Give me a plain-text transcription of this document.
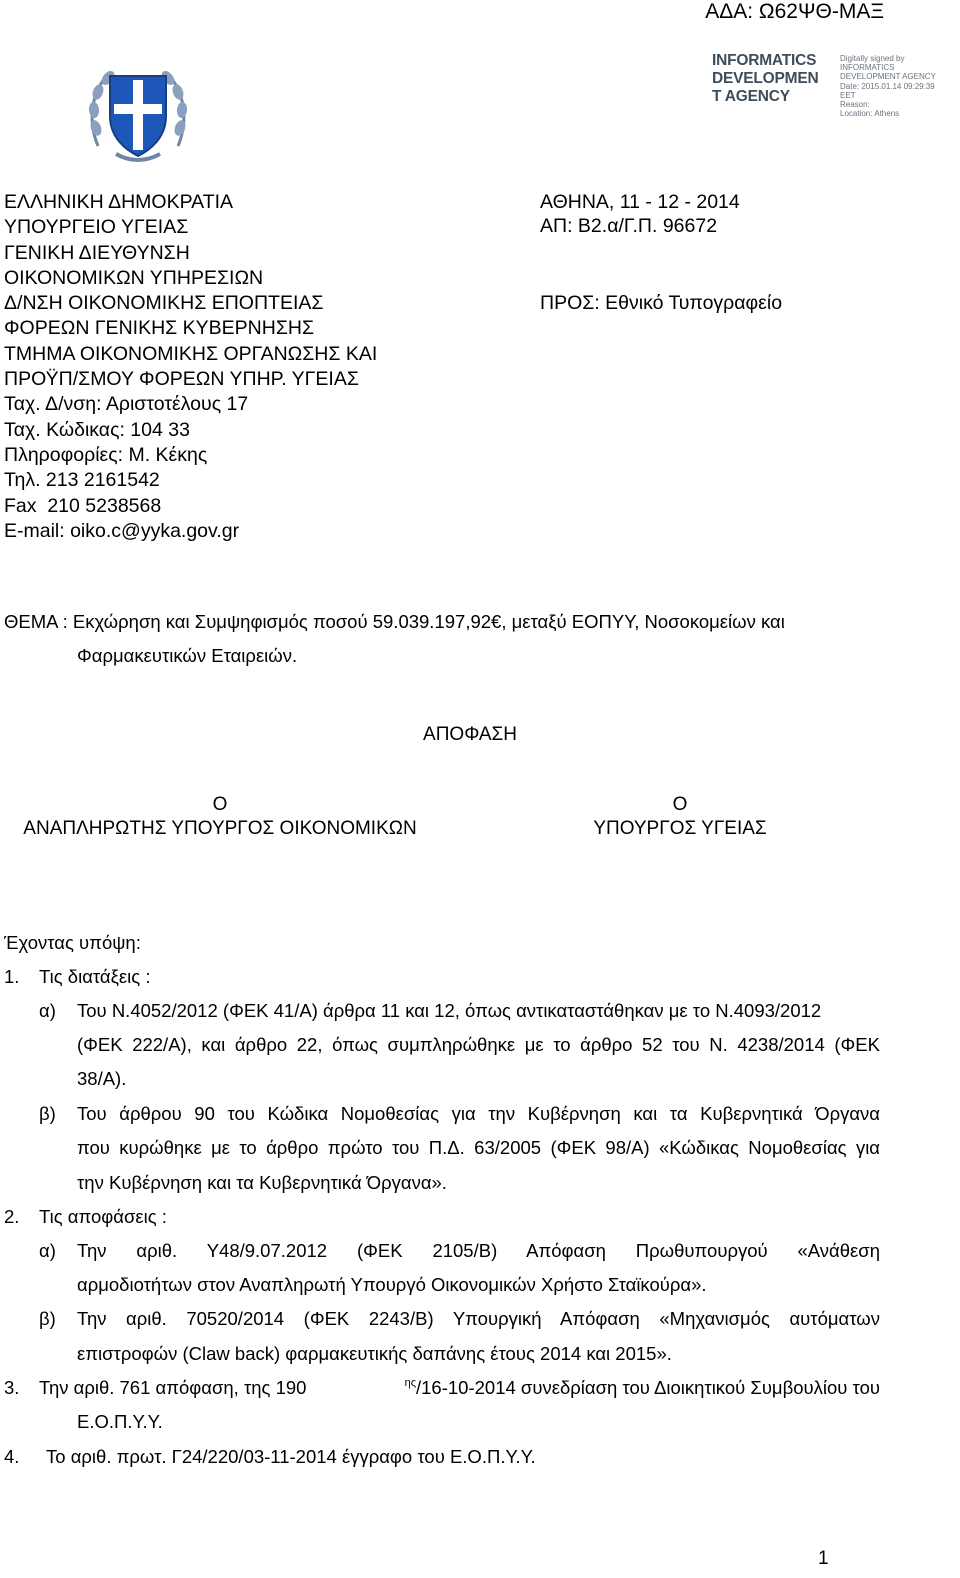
ΑΔΑ: Ω62ΨΘ-ΜΑΞ
INFORMATICS
DEVELOPMEN
T AGENCY
Digitally signed by
INFORMATICS
DEVELOPMENT AGENCY
Date: 2015.01.14 09:29:39
EET
Reason:
Location: Athens
ΕΛΛΗΝΙΚΗ ΔΗΜΟΚΡΑΤΙΑ
ΥΠΟΥΡΓΕΙΟ ΥΓΕΙΑΣ
ΓΕΝΙΚΗ ΔΙΕΥΘΥΝΣΗ
ΟΙΚΟΝΟΜΙΚΩΝ ΥΠΗΡΕΣΙΩΝ
Δ/ΝΣΗ ΟΙΚΟΝΟΜΙΚΗΣ ΕΠΟΠΤΕΙΑΣ
ΦΟΡΕΩΝ ΓΕΝΙΚΗΣ ΚΥΒΕΡΝΗΣΗΣ
ΤΜΗΜΑ ΟΙΚΟΝΟΜΙΚΗΣ ΟΡΓΑΝΩΣΗΣ ΚΑΙ
ΠΡΟΫΠ/ΣΜΟΥ ΦΟΡΕΩΝ ΥΠΗΡ. ΥΓΕΙΑΣ
Ταχ. Δ/νση: Αριστοτέλους 17
Ταχ. Κώδικας: 104 33
Πληροφορίες: Μ. Κέκης
Τηλ. 213 2161542
Fax  210 5238568
E-mail: oiko.c@yyka.gov.gr
ΑΘΗΝΑ, 11 - 12 - 2014
ΑΠ: Β2.α/Γ.Π. 96672
ΠΡΟΣ: Εθνικό Τυπογραφείο
ΘΕΜΑ : Εκχώρηση και Συμψηφισμός ποσού 59.039.197,92€, μεταξύ ΕΟΠΥΥ, Νοσοκομείων και
Φαρμακευτικών Εταιρειών.
ΑΠΟΦΑΣΗ
Ο
ΑΝΑΠΛΗΡΩΤΗΣ ΥΠΟΥΡΓΟΣ ΟΙΚΟΝΟΜΙΚΩΝ
Ο
ΥΠΟΥΡΓΟΣ ΥΓΕΙΑΣ
Έχοντας υπόψη:
1. Τις διατάξεις :
α) Του Ν.4052/2012 (ΦΕΚ 41/Α) άρθρα 11 και 12, όπως αντικαταστάθηκαν με το Ν.4093/2012
(ΦΕΚ 222/Α), και άρθρο 22, όπως συμπληρώθηκε με το άρθρο 52 του Ν. 4238/2014 (ΦΕΚ
38/Α).
β) Του άρθρου 90 του Κώδικα Νομοθεσίας για την Κυβέρνηση και τα Κυβερνητικά Όργανα
που κυρώθηκε με το άρθρο πρώτο του Π.Δ. 63/2005 (ΦΕΚ 98/Α) «Κώδικας Νομοθεσίας για
την Κυβέρνηση και τα Κυβερνητικά Όργανα».
2. Τις αποφάσεις :
α) Την αριθ. Υ48/9.07.2012 (ΦΕΚ 2105/Β) Απόφαση Πρωθυπουργού «Ανάθεση
αρμοδιοτήτων στον Αναπληρωτή Υπουργό Οικονομικών Χρήστο Σταϊκούρα».
β) Την αριθ. 70520/2014 (ΦΕΚ 2243/Β) Υπουργική Απόφαση «Μηχανισμός αυτόματων
επιστροφών (Claw back) φαρμακευτικής δαπάνης έτους 2014 και 2015».
3. Την αριθ. 761 απόφαση, της 190	$^{\eta\varsigma}$/16-10-2014 συνεδρίαση του Διοικητικού Συμβουλίου του
Ε.Ο.Π.Υ.Υ.
4. Το αριθ. πρωτ. Γ24/220/03-11-2014 έγγραφο του Ε.Ο.Π.Υ.Υ.
1
